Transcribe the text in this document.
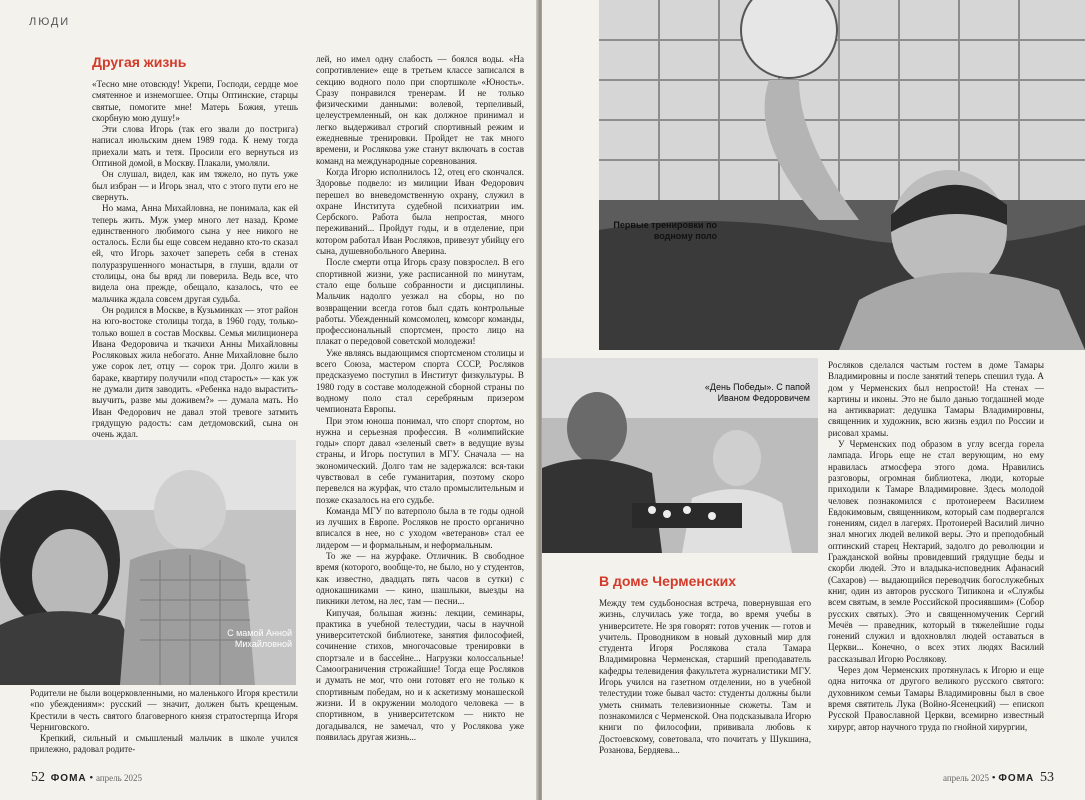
ЛЮДИ
Другая жизнь

«Тесно мне отовсюду! Укрепи, Господи, сердце мое смятенное и изнемогшее. Отцы Оптинские, старцы святые, помогите мне! Матерь Божия, утешь скорбную мою душу!»

Эти слова Игорь (так его звали до пострига) написал июльским днем 1989 года. К нему тогда приехали мать и тетя. Просили его вернуться из Оптиной домой, в Москву. Плакали, умоляли.

Он слушал, видел, как им тяжело, но путь уже был избран — и Игорь знал, что с этого пути его не свернуть.

Но мама, Анна Михайловна, не понимала, как ей теперь жить. Муж умер много лет назад. Кроме единственного любимого сына у нее никого не осталось. Если бы еще совсем недавно кто-то сказал ей, что Игорь захочет запереть себя в стенах полуразрушенного монастыря, в глуши, вдали от столицы, она бы вряд ли поверила. Ведь все, что видела она прежде, обещало, казалось, что ее мальчика ждала совсем другая судьба.

Он родился в Москве, в Кузьминках — этот район на юго-востоке столицы тогда, в 1960 году, только-только вошел в состав Москвы. Семья милиционера Ивана Федоровича и ткачихи Анны Михайловны Росляковых жила небогато. Анне Михайловне было уже сорок лет, отцу — сорок три. Долго жили в бараке, квартиру получили «под старость» — как уж не думали дитя заводить. «Ребенка надо вырастить-выучить, разве мы доживем?» — думала мать. Но Иван Федорович не давал этой тревоге затмить грядущую радость: сам детдомовский, сына он очень ждал.

С мамой Анной Михайловной

Родители не были воцерковленными, но маленького Игоря крестили «по убеждениям»: русский — значит, должен быть крещеным. Крестили в честь святого благоверного князя стратостерпца Игоря Черниговского.

Крепкий, сильный и смышленый мальчик в школе учился прилежно, радовал родите-

лей, но имел одну слабость — боялся воды. «На сопротивление» еще в третьем классе записался в секцию водного поло при спортшколе «Юность». Сразу понравился тренерам. И не только физическими данными: волевой, терпеливый, целеустремленный, он как должное принимал и легко выдерживал строгий спортивный режим и ежедневные тренировки. Пройдет не так много времени, и Рослякова уже станут включать в состав команд на международные соревнования.

Когда Игорю исполнилось 12, отец его скончался. Здоровье подвело: из милиции Иван Федорович перешел во вневедомственную охрану, служил в охране Института судебной психиатрии им. Сербского. Работа была непростая, много переживаний... Пройдут годы, и в отделение, при котором работал Иван Росляков, привезут убийцу его сына, душевнобольного Аверина.

После смерти отца Игорь сразу повзрослел. В его спортивной жизни, уже расписанной по минутам, стало еще больше собранности и дисциплины. Мальчик надолго уезжал на сборы, но по возвращении всегда готов был сдать контрольные работы. Убежденный комсомолец, комсорг команды, профессиональный спортсмен, просто лицо на плакат о передовой советской молодежи!

Уже являясь выдающимся спортсменом столицы и всего Союза, мастером спорта СССР, Росляков предсказуемо поступил в Институт физкультуры. В 1980 году в составе молодежной сборной страны по водному поло стал серебряным призером чемпионата Европы.

При этом юноша понимал, что спорт спортом, но нужна и серьезная профессия. В «олимпийские годы» спорт давал «зеленый свет» в ведущие вузы страны, и Игорь поступил в МГУ. Сначала — на экономический. Долго там не задержался: вся-таки чувствовал в себе гуманитария, поэтому скоро перевелся на журфак, что стало промыслительным и позже сказалось на его судьбе.

Команда МГУ по ватерполо была в те годы одной из лучших в Европе. Росляков не просто органично вписался в нее, но с уходом «ветеранов» стал ее лидером — и формальным, и неформальным.

То же — на журфаке. Отличник. В свободное время (которого, вообще-то, не было, но у студентов, как известно, двадцать пять часов в сутки) с однокашниками — кино, шашлыки, выезды на пикники летом, на лес, там — песни...

Кипучая, большая жизнь: лекции, семинары, практика в учебной телестудии, часы в научной университетской библиотеке, занятия философией, сочинение стихов, многочасовые тренировки в спортзале и в бассейне... Нагрузки колоссальные! Самоограничения строжайшие! Тогда еще Росляков и думать не мог, что они готовят его не только к спортивным победам, но и к аскетизму монашеской жизни. И в окружении молодого человека — в спортивном, в университетском — никто не догадывался, не замечал, что у Рослякова уже появилась другая жизнь...

52 ФОМА • апрель 2025
Первые тренировки по водному поло
«День Победы». С папой Иваном Федоровичем
В доме Черменских

Между тем судьбоносная встреча, повернувшая его жизнь, случилась уже тогда, во время учебы в университете. Не зря говорят: готов ученик — готов и учитель. Проводником в новый духовный мир для студента Игоря Рослякова стала Тамара Владимировна Черменская, старший преподаватель кафедры телевидения факультета журналистики МГУ. Игорь учился на газетном отделении, но в учебной телестудии тоже бывал часто: студенты должны были уметь снимать телевизионные сюжеты. Там и познакомился с Черменской. Она подсказывала Игорю книги по философии, прививала любовь к Достоевскому, советовала, что почитать у Шукшина, Розанова, Бердяева...

Росляков сделался частым гостем в доме Тамары Владимировны и после занятий теперь спешил туда. А дом у Черменских был непростой! На стенах — картины и иконы. Это не было данью тогдашней моде на антиквариат: дедушка Тамары Владимировны, священник и художник, всю жизнь ездил по России и рисовал храмы.

У Черменских под образом в углу всегда горела лампада. Игорь еще не стал верующим, но ему нравилась атмосфера этого дома. Нравились разговоры, огромная библиотека, люди, которые приходили к Тамаре Владимировне. Здесь молодой человек познакомился с протоиереем Василием Евдокимовым, священником, который сам подвергался гонениям, сидел в лагерях. Протоиерей Василий лично знал многих людей великой веры. Это и преподобный оптинский старец Нектарий, задолго до революции и Гражданской войны провидевший грядущие беды и скорби людей. Это и владыка-исповедник Афанасий (Сахаров) — выдающийся переводчик богослужебных книг, один из авторов русского Типикона и «Службы всем святым, в земле Российской просиявшим» (Собор русских святых). Это и священномученик Сергий Мечёв — праведник, который в тяжелейшие годы гонений служил и вдохновлял людей оставаться в Церкви... Конечно, о всех этих людях Василий рассказывал Игорю Рослякову.

Через дом Черменских протянулась к Игорю и еще одна ниточка от другого великого русского святого: духовником семьи Тамары Владимировны был в свое время святитель Лука (Войно-Ясенецкий) — епископ Русской Православной Церкви, всемирно известный хирург, автор научного труда по гнойной хирургии,

апрель 2025 • ФОМА 53
